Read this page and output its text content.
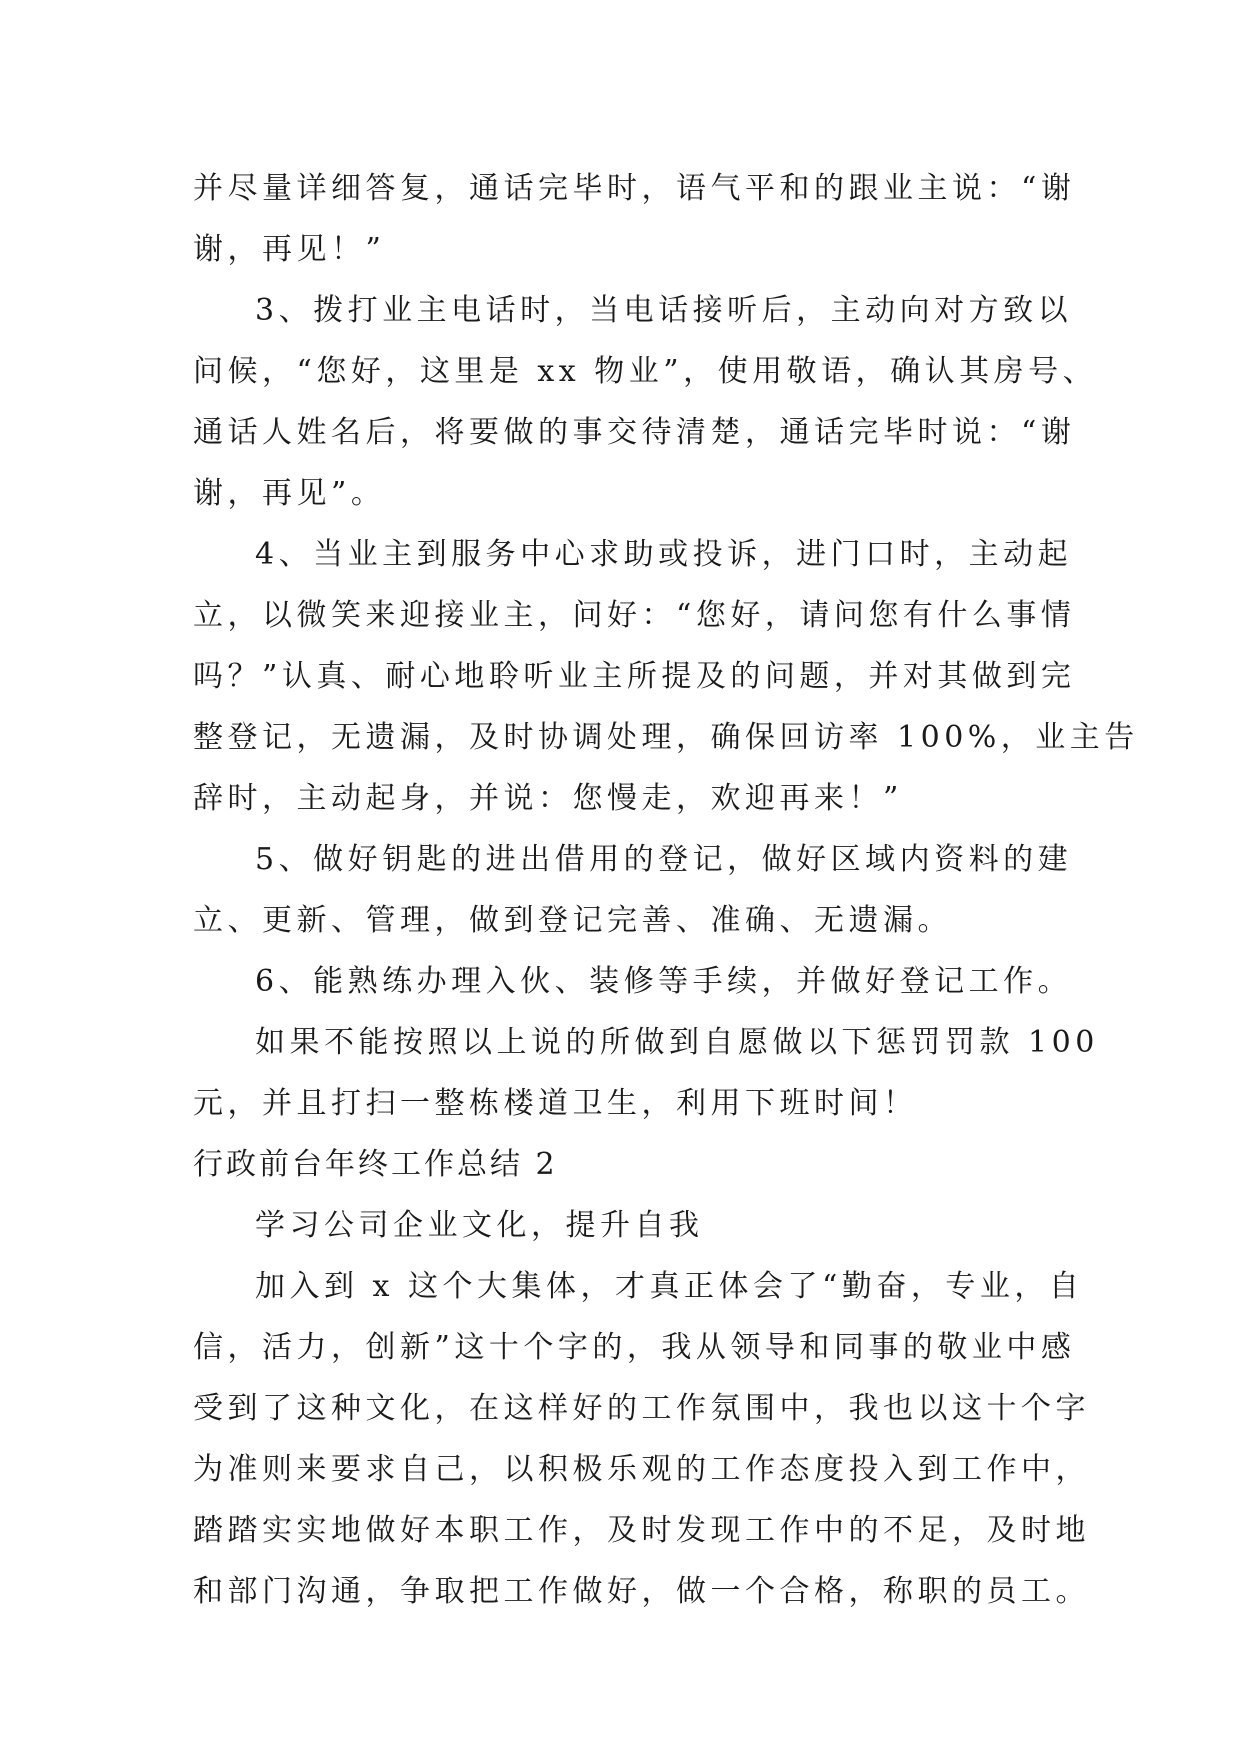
并尽量详细答复，通话完毕时，语气平和的跟业主说：“谢
谢，再见！”
3、拨打业主电话时，当电话接听后，主动向对方致以
问候，“您好，这里是 xx 物业”，使用敬语，确认其房号、
通话人姓名后，将要做的事交待清楚，通话完毕时说：“谢
谢，再见”。
4、当业主到服务中心求助或投诉，进门口时，主动起
立，以微笑来迎接业主，问好：“您好，请问您有什么事情
吗？”认真、耐心地聆听业主所提及的问题，并对其做到完
整登记，无遗漏，及时协调处理，确保回访率 100%，业主告
辞时，主动起身，并说：您慢走，欢迎再来！”
5、做好钥匙的进出借用的登记，做好区域内资料的建
立、更新、管理，做到登记完善、准确、无遗漏。
6、能熟练办理入伙、装修等手续，并做好登记工作。
如果不能按照以上说的所做到自愿做以下惩罚罚款 100
元，并且打扫一整栋楼道卫生，利用下班时间！
行政前台年终工作总结 2
学习公司企业文化，提升自我
加入到 x 这个大集体，才真正体会了“勤奋，专业，自
信，活力，创新”这十个字的，我从领导和同事的敬业中感
受到了这种文化，在这样好的工作氛围中，我也以这十个字
为准则来要求自己，以积极乐观的工作态度投入到工作中，
踏踏实实地做好本职工作，及时发现工作中的不足，及时地
和部门沟通，争取把工作做好，做一个合格，称职的员工。
